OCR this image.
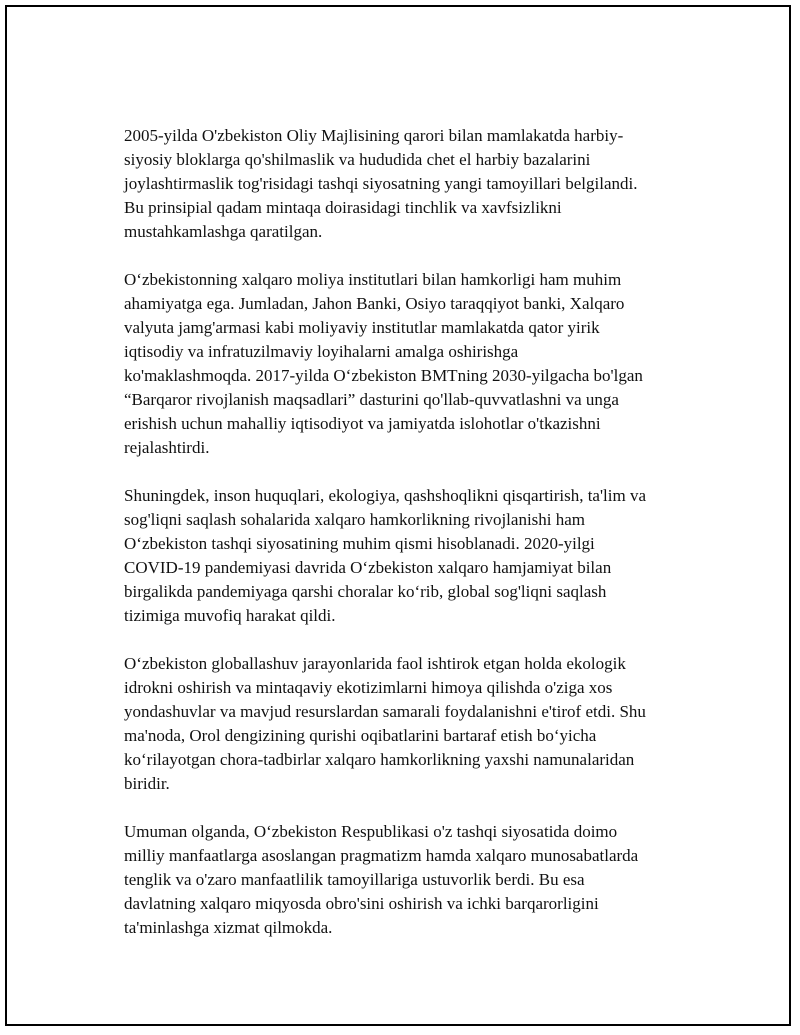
2005-yilda O'zbekiston Oliy Majlisining qarori bilan mamlakatda harbiy-
siyosiy bloklarga qo'shilmaslik va hududida chet el harbiy bazalarini
joylashtirmaslik tog'risidagi tashqi siyosatning yangi tamoyillari belgilandi.
Bu prinsipial qadam mintaqa doirasidagi tinchlik va xavfsizlikni
mustahkamlashga qaratilgan.

O‘zbekistonning xalqaro moliya institutlari bilan hamkorligi ham muhim
ahamiyatga ega. Jumladan, Jahon Banki, Osiyo taraqqiyot banki, Xalqaro
valyuta jamg'armasi kabi moliyaviy institutlar mamlakatda qator yirik
iqtisodiy va infratuzilmaviy loyihalarni amalga oshirishga
ko'maklashmoqda. 2017-yilda O‘zbekiston BMTning 2030-yilgacha bo'lgan
“Barqaror rivojlanish maqsadlari” dasturini qo'llab-quvvatlashni va unga
erishish uchun mahalliy iqtisodiyot va jamiyatda islohotlar o'tkazishni
rejalashtirdi.

Shuningdek, inson huquqlari, ekologiya, qashshoqlikni qisqartirish, ta'lim va
sog'liqni saqlash sohalarida xalqaro hamkorlikning rivojlanishi ham
O‘zbekiston tashqi siyosatining muhim qismi hisoblanadi. 2020-yilgi
COVID-19 pandemiyasi davrida O‘zbekiston xalqaro hamjamiyat bilan
birgalikda pandemiyaga qarshi choralar ko‘rib, global sog'liqni saqlash
tizimiga muvofiq harakat qildi.

O‘zbekiston globallashuv jarayonlarida faol ishtirok etgan holda ekologik
idrokni oshirish va mintaqaviy ekotizimlarni himoya qilishda o'ziga xos
yondashuvlar va mavjud resurslardan samarali foydalanishni e'tirof etdi. Shu
ma'noda, Orol dengizining qurishi oqibatlarini bartaraf etish bo‘yicha
ko‘rilayotgan chora-tadbirlar xalqaro hamkorlikning yaxshi namunalaridan
biridir.

Umuman olganda, O‘zbekiston Respublikasi o'z tashqi siyosatida doimo
milliy manfaatlarga asoslangan pragmatizm hamda xalqaro munosabatlarda
tenglik va o'zaro manfaatlilik tamoyillariga ustuvorlik berdi. Bu esa
davlatning xalqaro miqyosda obro'sini oshirish va ichki barqarorligini
ta'minlashga xizmat qilmokda.
